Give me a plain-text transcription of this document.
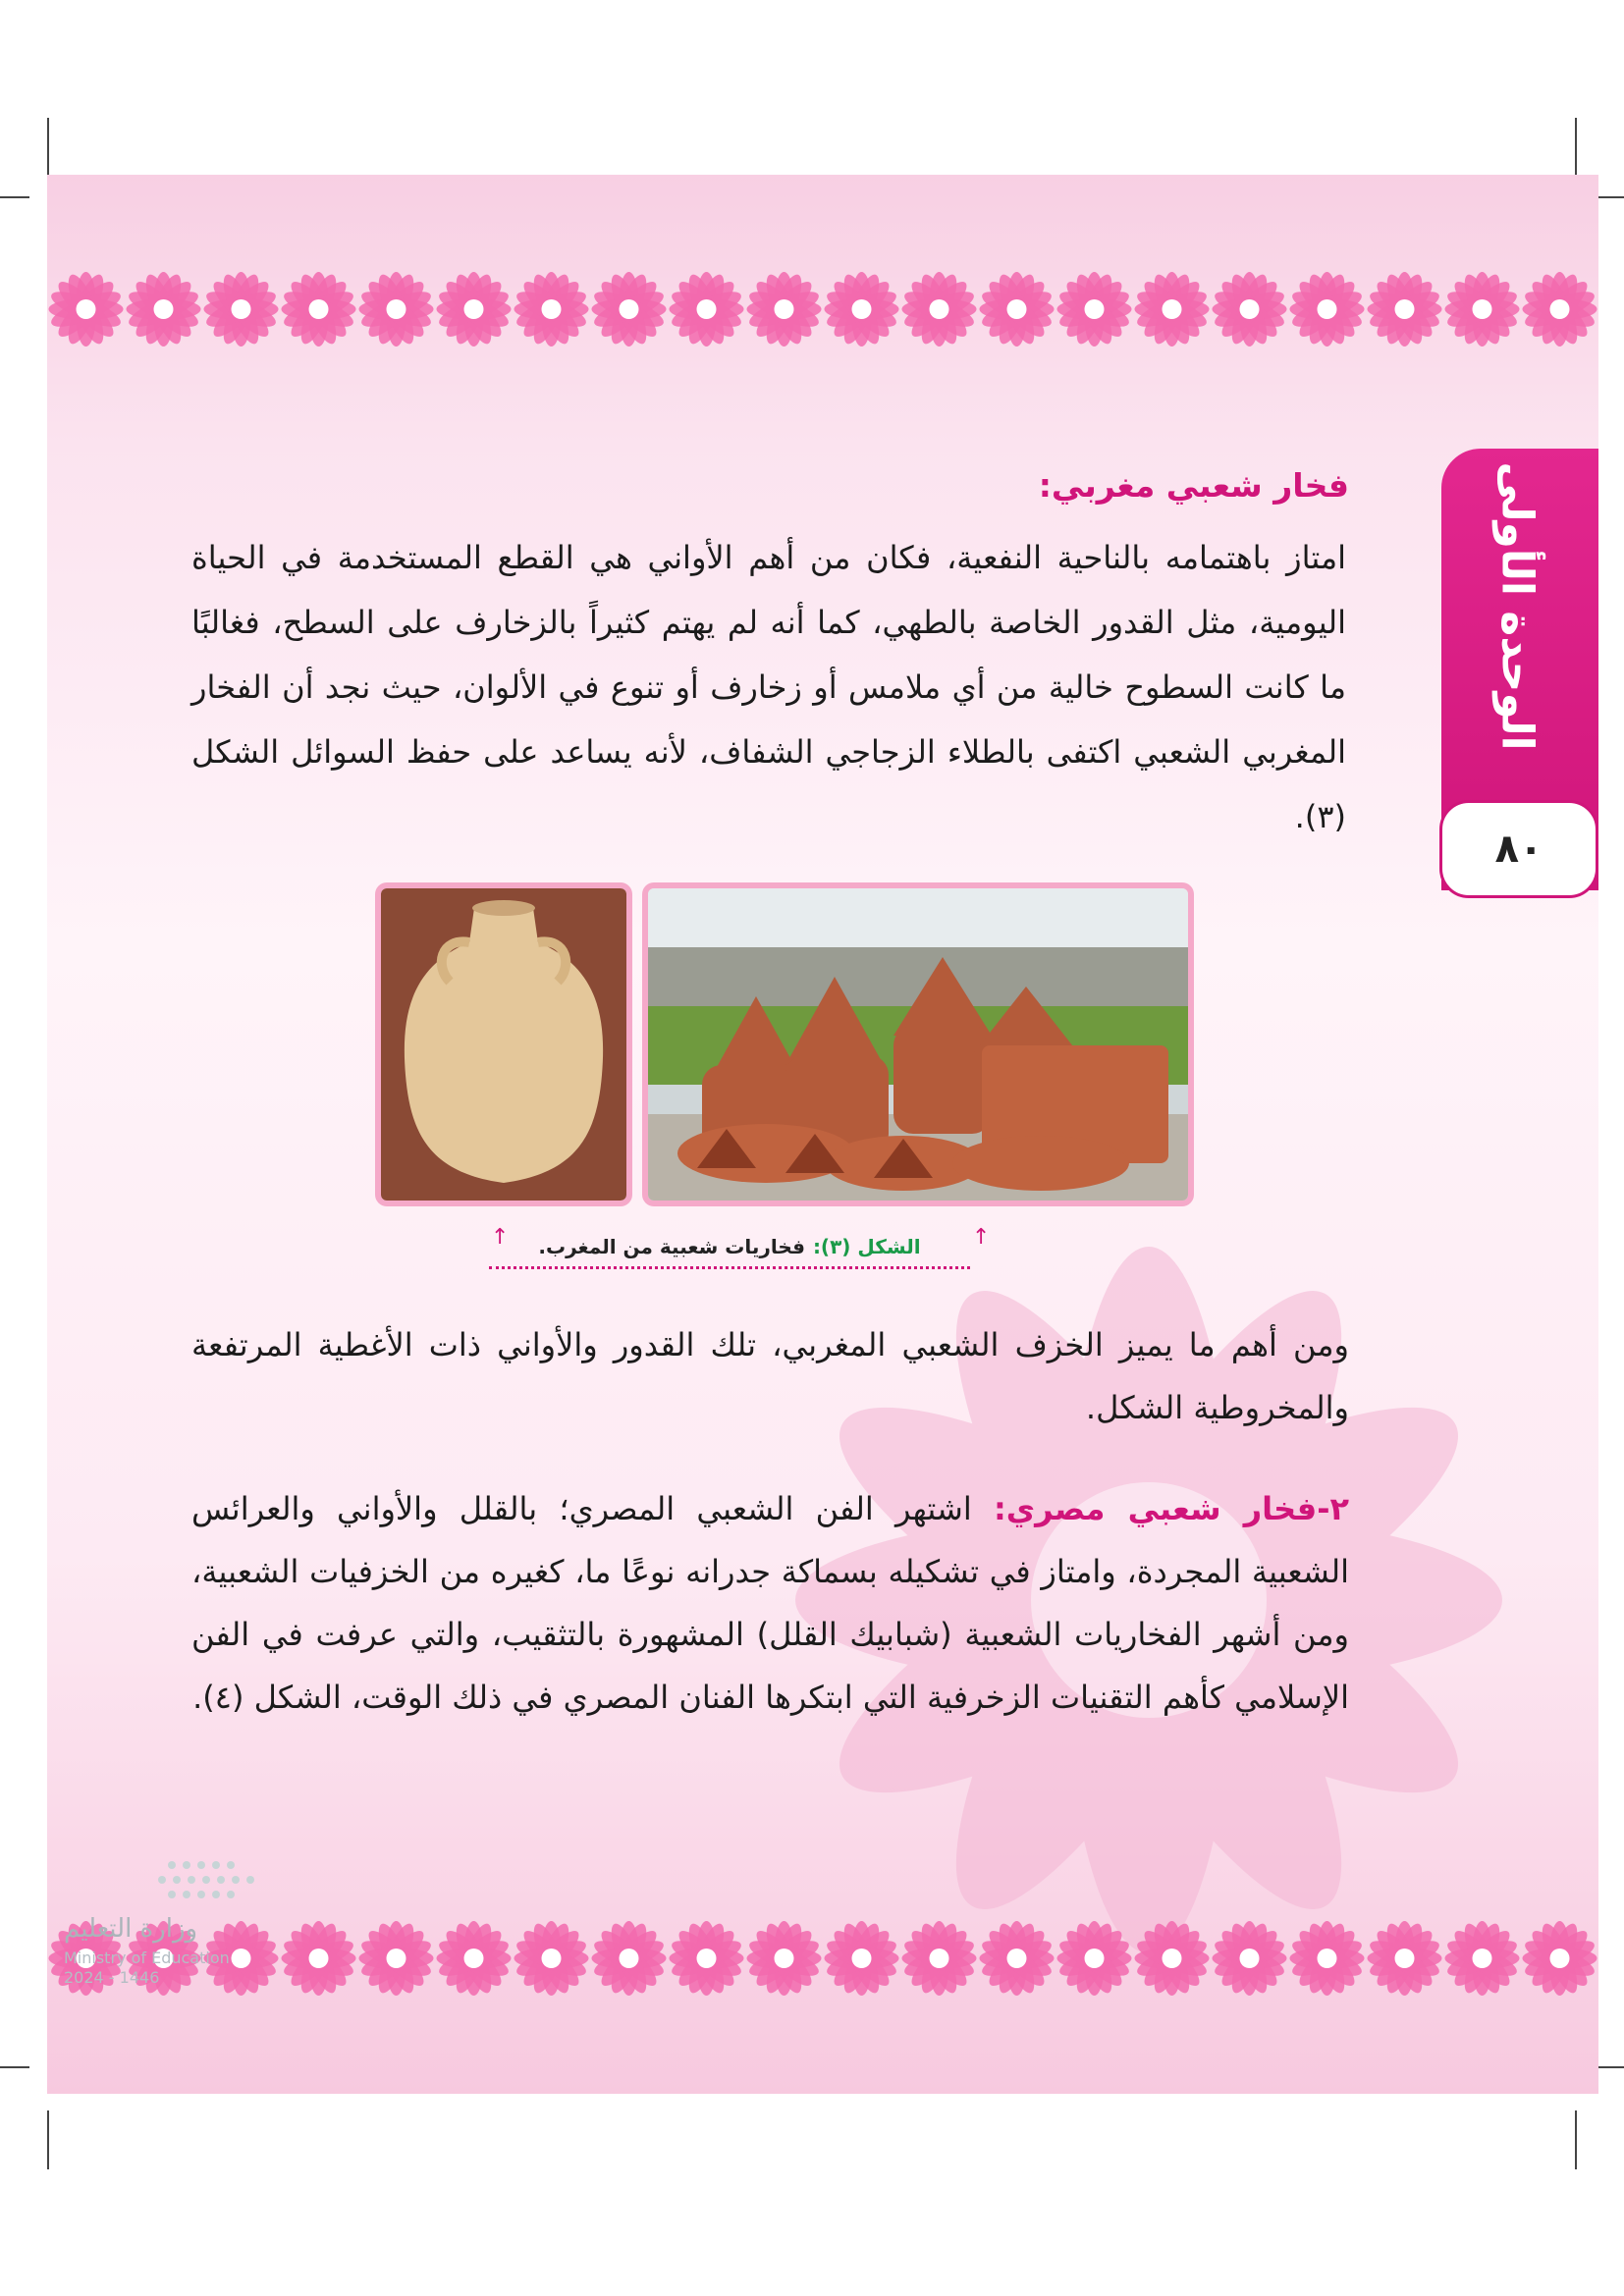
الوحدة الأولى
٨٠
فخار شعبي مغربي:
امتاز باهتمامه بالناحية النفعية، فكان من أهم الأواني هي القطع المستخدمة في الحياة اليومية، مثل القدور الخاصة بالطهي، كما أنه لم يهتم كثيراً بالزخارف على السطح، فغالبًا ما كانت السطوح خالية من أي ملامس أو زخارف أو تنوع في الألوان، حيث نجد أن الفخار المغربي الشعبي اكتفى بالطلاء الزجاجي الشفاف، لأنه يساعد على حفظ السوائل الشكل (٣).
↑	↑
الشكل (٣):
فخاريات شعبية من المغرب.
ومن أهم ما يميز الخزف الشعبي المغربي، تلك القدور والأواني ذات الأغطية المرتفعة والمخروطية الشكل.
٢-فخار شعبي مصري: اشتهر الفن الشعبي المصري؛ بالقلل والأواني والعرائس الشعبية المجردة، وامتاز في تشكيله بسماكة جدرانه نوعًا ما، كغيره من الخزفيات الشعبية، ومن أشهر الفخاريات الشعبية (شبابيك القلل) المشهورة بالتثقيب، والتي عرفت في الفن الإسلامي كأهم التقنيات الزخرفية التي ابتكرها الفنان المصري في ذلك الوقت، الشكل (٤).
وزارة التعليم
Ministry of Education
2024 - 1446
